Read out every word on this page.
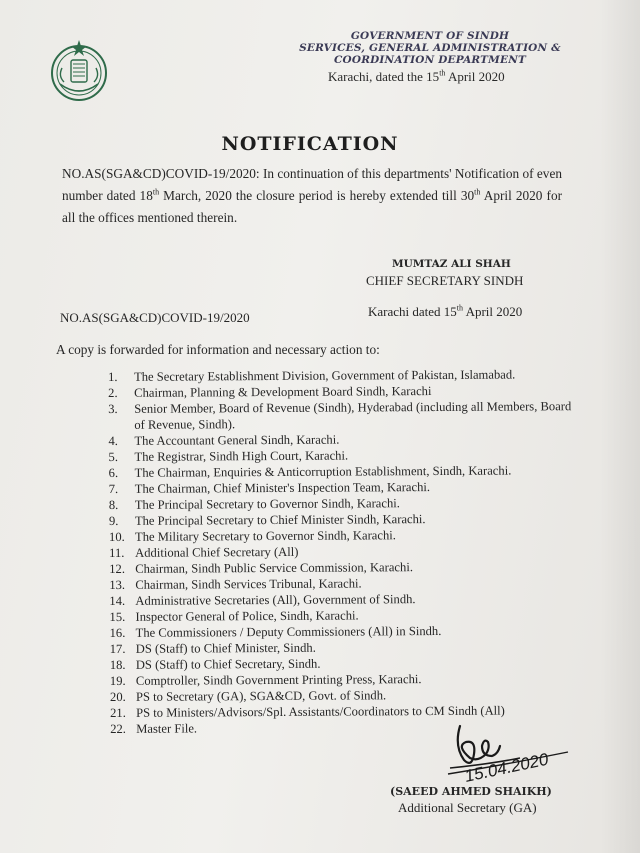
GOVERNMENT OF SINDH
SERVICES, GENERAL ADMINISTRATION &
COORDINATION DEPARTMENT
Karachi, dated the 15th April 2020
NOTIFICATION
NO.AS(SGA&CD)COVID-19/2020: In continuation of this departments' Notification of even number dated 18th March, 2020 the closure period is hereby extended till 30th April 2020 for all the offices mentioned therein.
MUMTAZ ALI SHAH
CHIEF SECRETARY SINDH
NO.AS(SGA&CD)COVID-19/2020	Karachi dated 15th April 2020
A copy is forwarded for information and necessary action to:
1.	The Secretary Establishment Division, Government of Pakistan, Islamabad.
2.	Chairman, Planning & Development Board Sindh, Karachi
3.	Senior Member, Board of Revenue (Sindh), Hyderabad (including all Members, Board of Revenue, Sindh).
4.	The Accountant General Sindh, Karachi.
5.	The Registrar, Sindh High Court, Karachi.
6.	The Chairman, Enquiries & Anticorruption Establishment, Sindh, Karachi.
7.	The Chairman, Chief Minister's Inspection Team, Karachi.
8.	The Principal Secretary to Governor Sindh, Karachi.
9.	The Principal Secretary to Chief Minister Sindh, Karachi.
10. The Military Secretary to Governor Sindh, Karachi.
11. Additional Chief Secretary (All)
12. Chairman, Sindh Public Service Commission, Karachi.
13. Chairman, Sindh Services Tribunal, Karachi.
14. Administrative Secretaries (All), Government of Sindh.
15. Inspector General of Police, Sindh, Karachi.
16. The Commissioners / Deputy Commissioners (All) in Sindh.
17. DS (Staff) to Chief Minister, Sindh.
18. DS (Staff) to Chief Secretary, Sindh.
19. Comptroller, Sindh Government Printing Press, Karachi.
20. PS to Secretary (GA), SGA&CD, Govt. of Sindh.
21. PS to Ministers/Advisors/Spl. Assistants/Coordinators to CM Sindh (All)
22. Master File.
15.04.2020
(SAEED AHMED SHAIKH)
Additional Secretary (GA)
